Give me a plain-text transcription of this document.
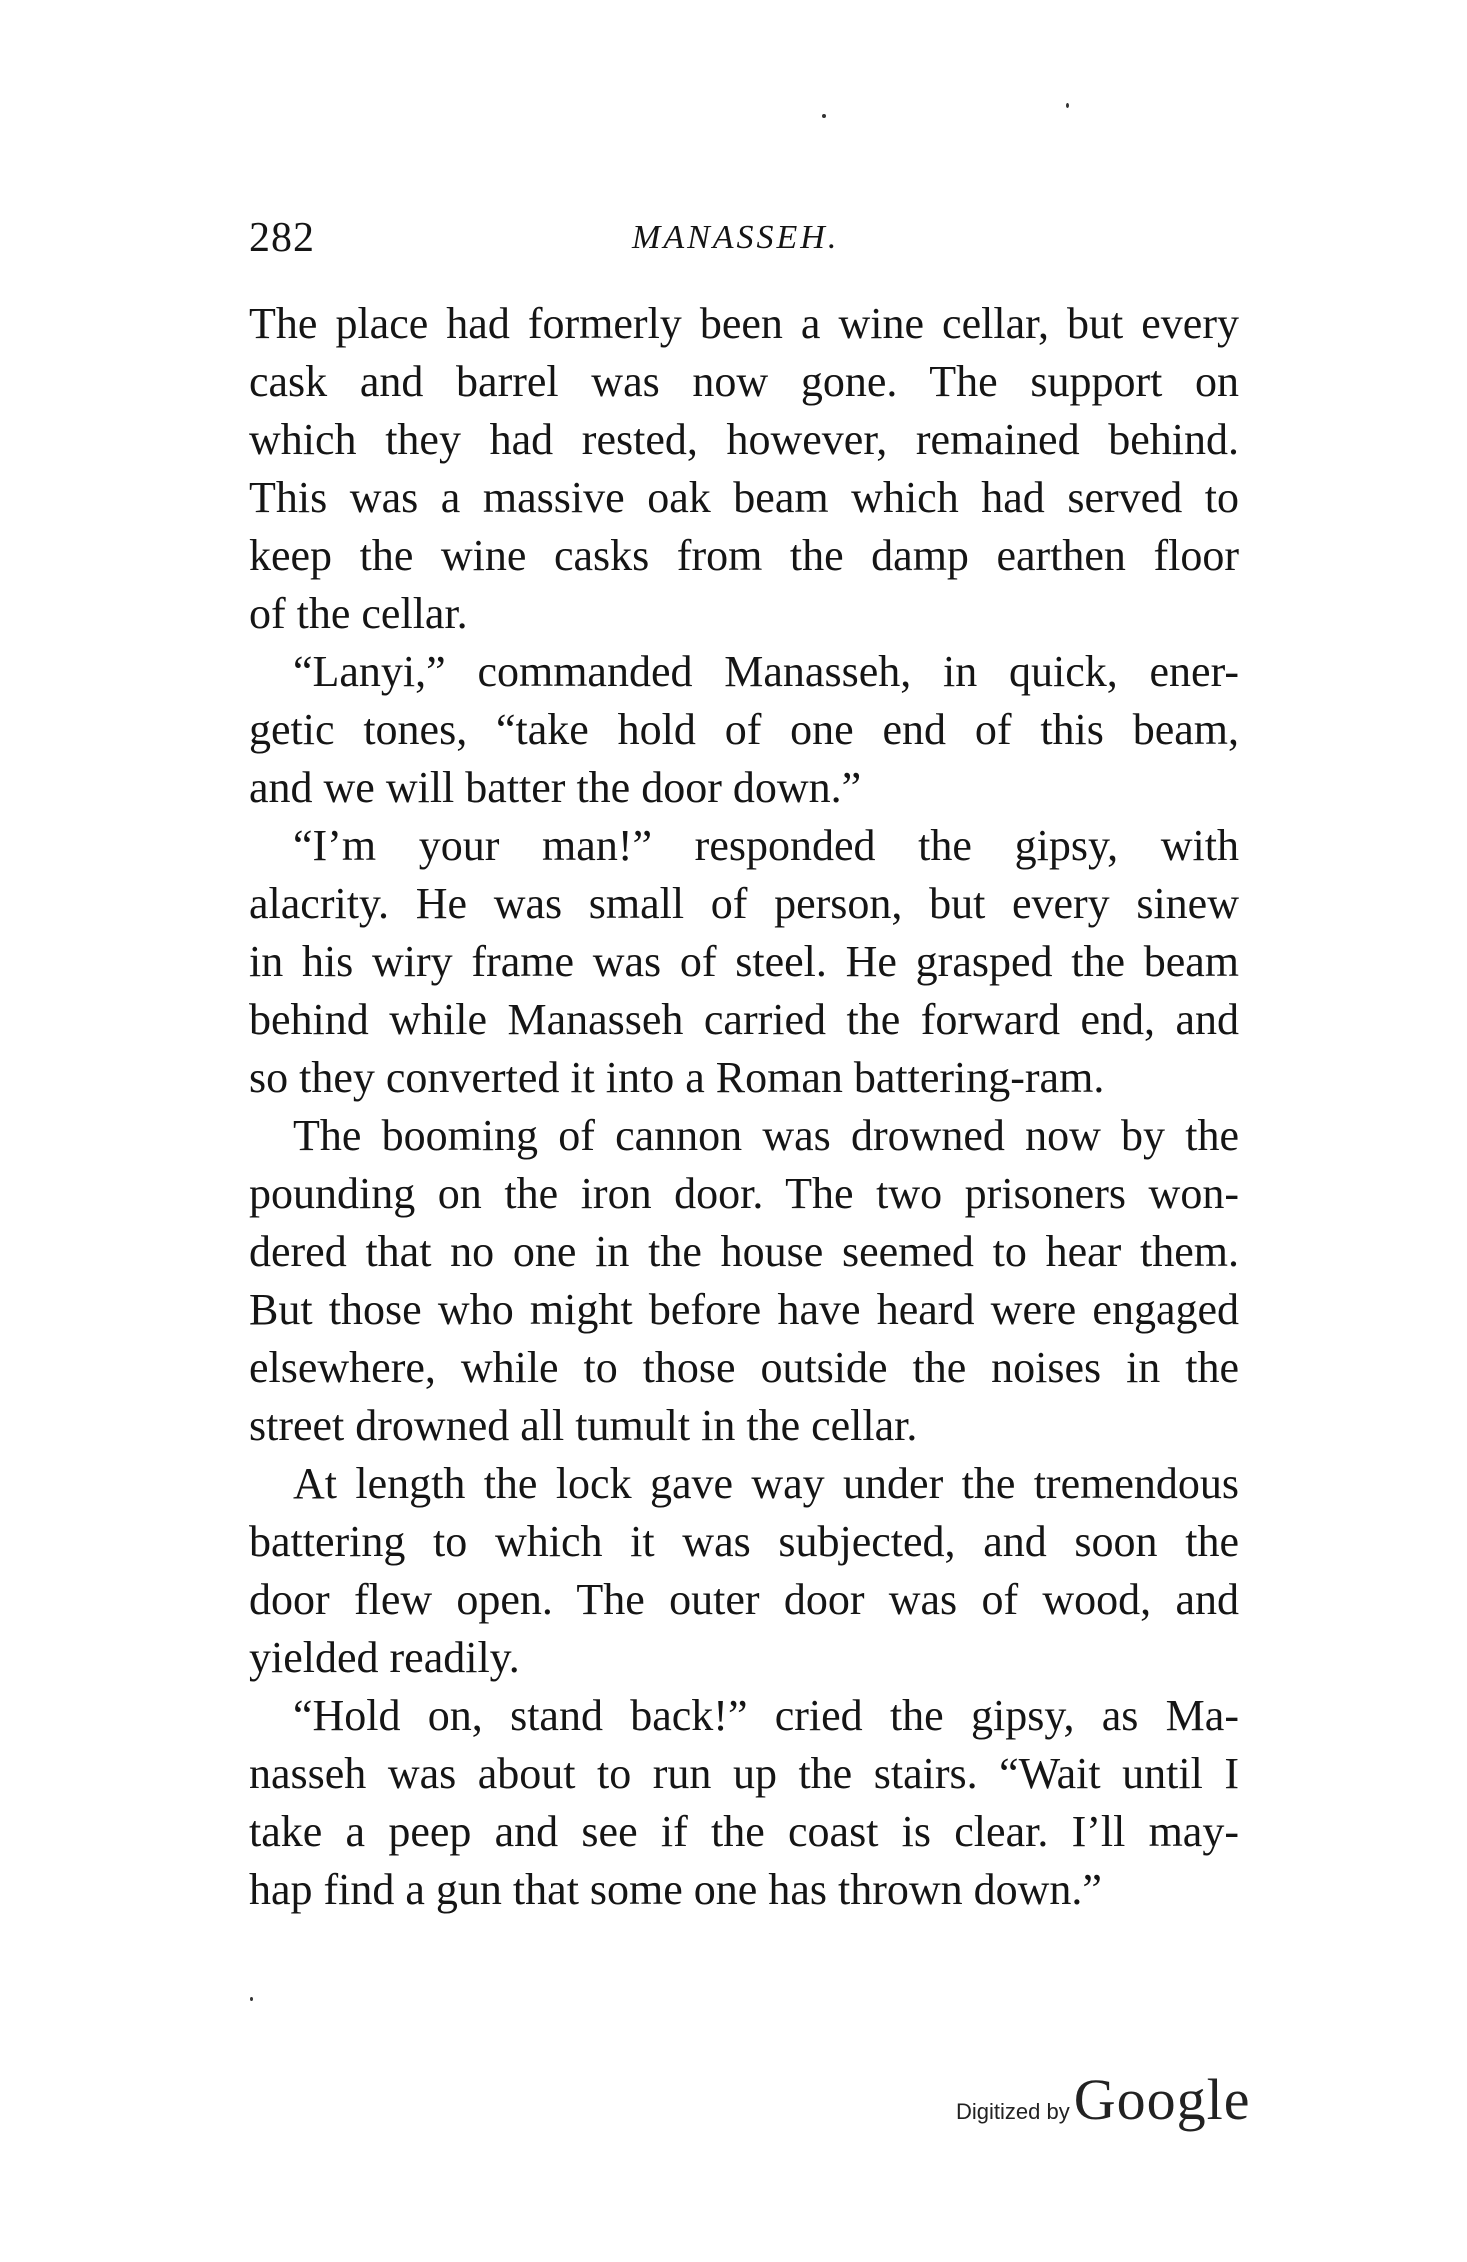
282	MANASSEH.
The place had formerly been a wine cellar, but every
cask and barrel was now gone. The support on
which they had rested, however, remained behind.
This was a massive oak beam which had served to
keep the wine casks from the damp earthen floor
of the cellar.
“Lanyi,” commanded Manasseh, in quick, ener-
getic tones, “take hold of one end of this beam,
and we will batter the door down.”
“I’m your man!” responded the gipsy, with
alacrity. He was small of person, but every sinew
in his wiry frame was of steel. He grasped the beam
behind while Manasseh carried the forward end, and
so they converted it into a Roman battering-ram.
The booming of cannon was drowned now by the
pounding on the iron door. The two prisoners won-
dered that no one in the house seemed to hear them.
But those who might before have heard were engaged
elsewhere, while to those outside the noises in the
street drowned all tumult in the cellar.
At length the lock gave way under the tremendous
battering to which it was subjected, and soon the
door flew open. The outer door was of wood, and
yielded readily.
“Hold on, stand back!” cried the gipsy, as Ma-
nasseh was about to run up the stairs. “Wait until I
take a peep and see if the coast is clear. I’ll may-
hap find a gun that some one has thrown down.”
Digitized by Google
